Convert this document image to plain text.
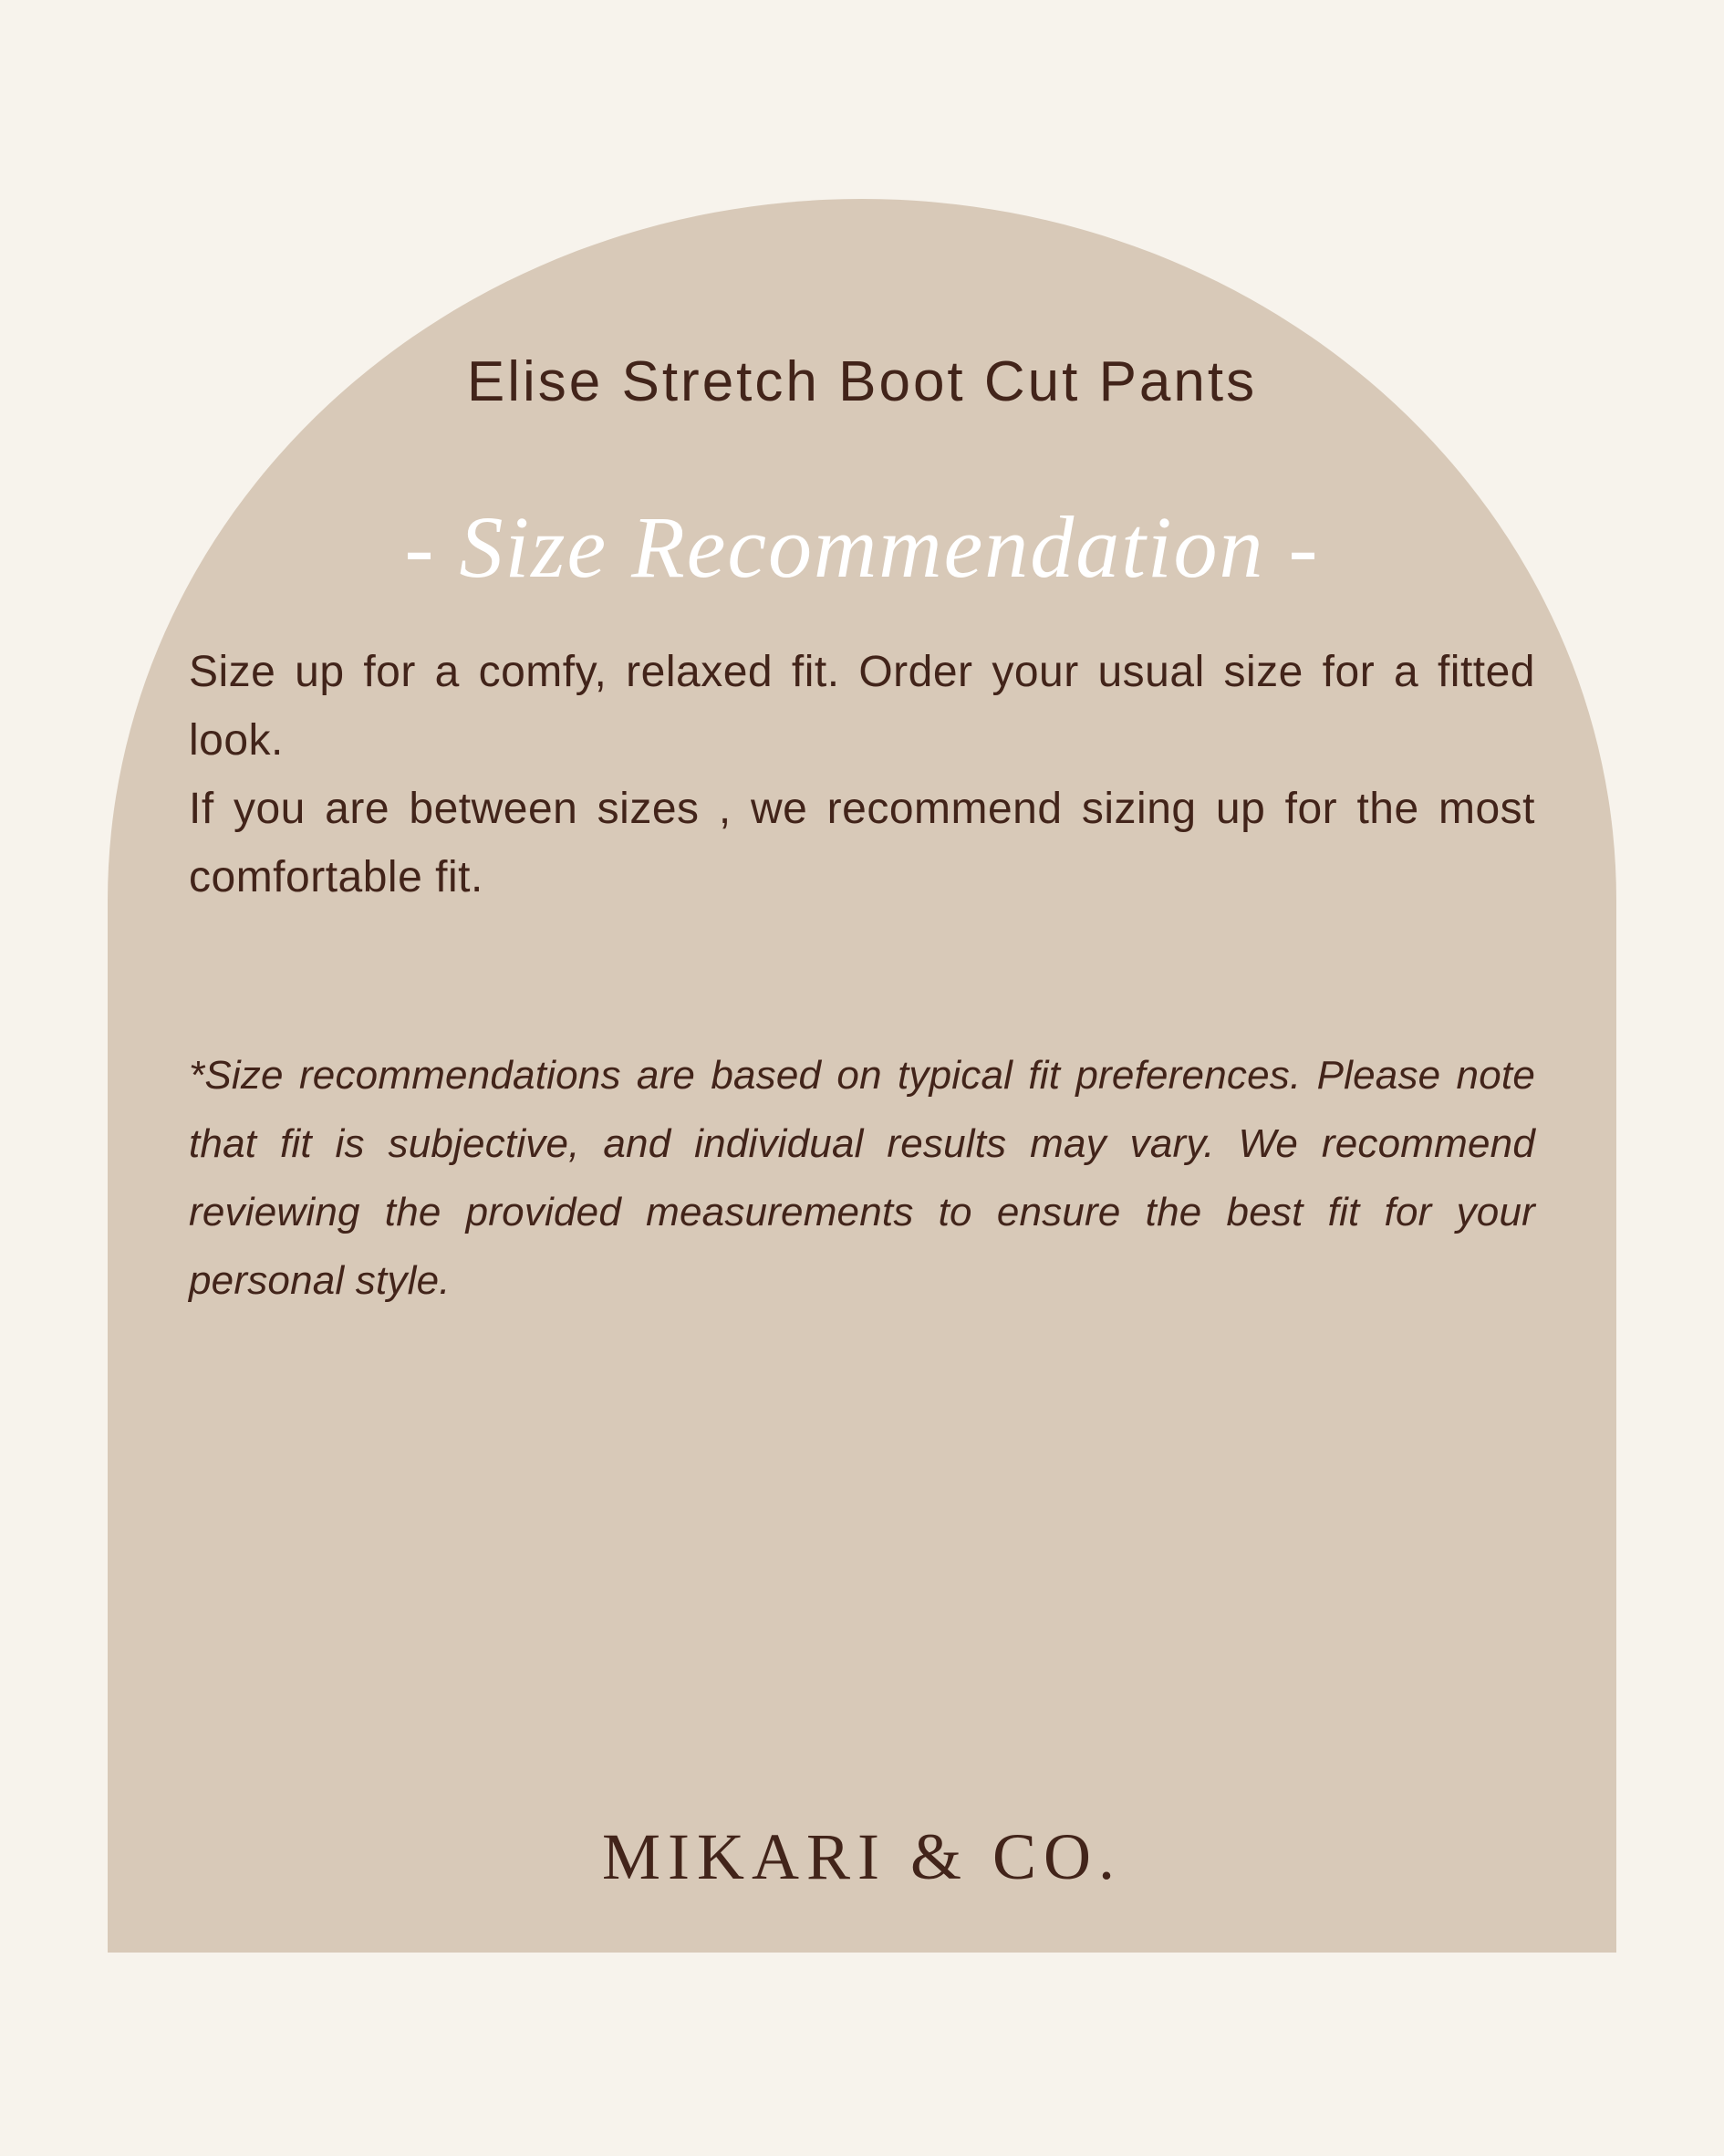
Elise Stretch Boot Cut Pants
- Size Recommendation -

Size up for a comfy, relaxed fit. Order your usual size for a fitted
look.

If you are between sizes , we recommend sizing up for the most
comfortable fit.

*Size recommendations are based on typical fit preferences. Please note
that fit is subjective, and individual results may vary. We recommend
reviewing the provided measurements to ensure the best fit for your
personal style.

MIKARI & CO.
